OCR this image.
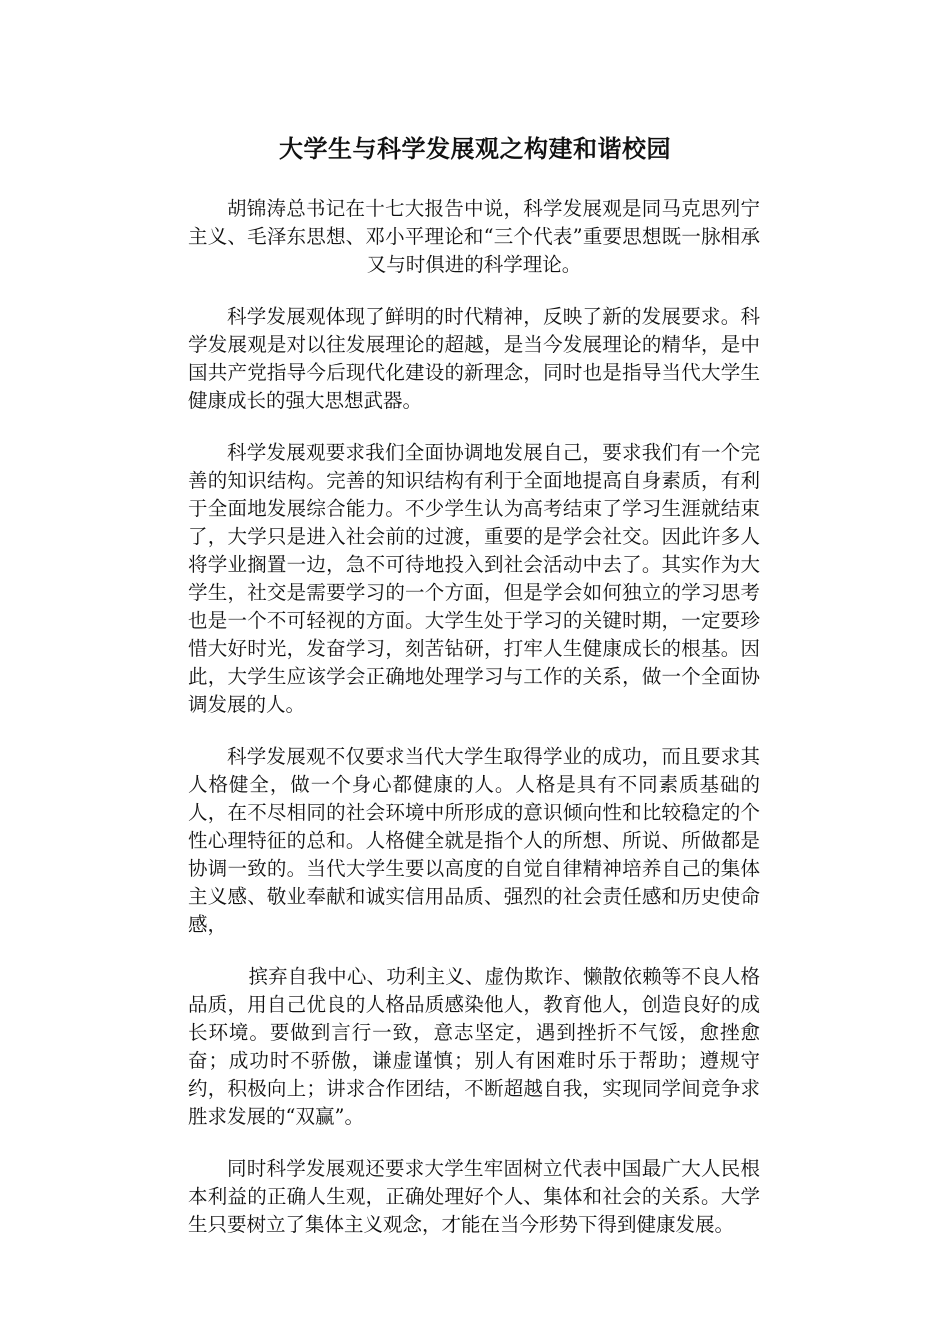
大学生与科学发展观之构建和谐校园

胡锦涛总书记在十七大报告中说，科学发展观是同马克思列宁主义、毛泽东思想、邓小平理论和“三个代表”重要思想既一脉相承又与时俱进的科学理论。

科学发展观体现了鲜明的时代精神，反映了新的发展要求。科学发展观是对以往发展理论的超越，是当今发展理论的精华，是中国共产党指导今后现代化建设的新理念，同时也是指导当代大学生健康成长的强大思想武器。

科学发展观要求我们全面协调地发展自己，要求我们有一个完善的知识结构。完善的知识结构有利于全面地提高自身素质，有利于全面地发展综合能力。不少学生认为高考结束了学习生涯就结束了，大学只是进入社会前的过渡，重要的是学会社交。因此许多人将学业搁置一边，急不可待地投入到社会活动中去了。其实作为大学生，社交是需要学习的一个方面，但是学会如何独立的学习思考也是一个不可轻视的方面。大学生处于学习的关键时期，一定要珍惜大好时光，发奋学习，刻苦钻研，打牢人生健康成长的根基。因此，大学生应该学会正确地处理学习与工作的关系，做一个全面协调发展的人。

科学发展观不仅要求当代大学生取得学业的成功，而且要求其人格健全，做一个身心都健康的人。人格是具有不同素质基础的人，在不尽相同的社会环境中所形成的意识倾向性和比较稳定的个性心理特征的总和。人格健全就是指个人的所想、所说、所做都是协调一致的。当代大学生要以高度的自觉自律精神培养自己的集体主义感、敬业奉献和诚实信用品质、强烈的社会责任感和历史使命感，

摈弃自我中心、功利主义、虚伪欺诈、懒散依赖等不良人格品质，用自己优良的人格品质感染他人，教育他人，创造良好的成长环境。要做到言行一致，意志坚定，遇到挫折不气馁，愈挫愈奋；成功时不骄傲，谦虚谨慎；别人有困难时乐于帮助；遵规守约，积极向上；讲求合作团结，不断超越自我，实现同学间竞争求胜求发展的“双赢”。

同时科学发展观还要求大学生牢固树立代表中国最广大人民根本利益的正确人生观，正确处理好个人、集体和社会的关系。大学生只要树立了集体主义观念，才能在当今形势下得到健康发展。
